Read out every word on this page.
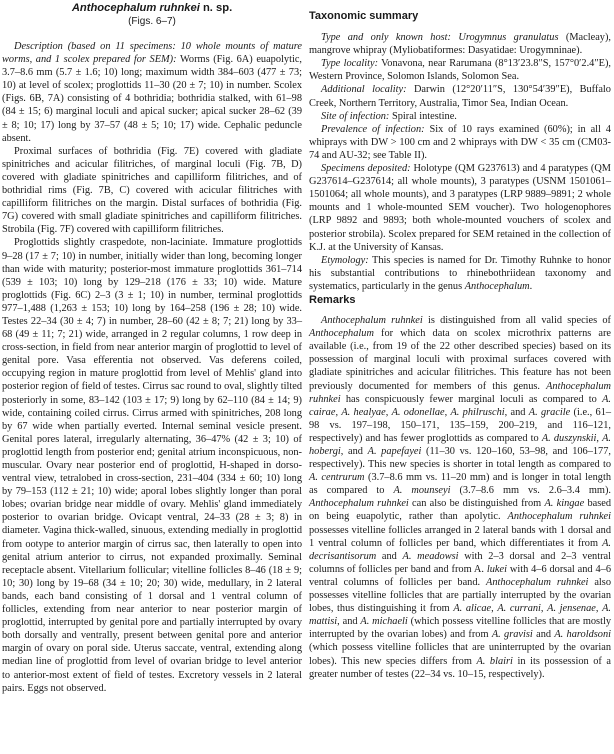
Anthocephalum ruhnkei n. sp.
(Figs. 6–7)

Description (based on 11 specimens: 10 whole mounts of mature worms, and 1 scolex prepared for SEM): Worms (Fig. 6A) euapolytic, 3.7–8.6 mm (5.7 ± 1.6; 10) long; maximum width 384–603 (477 ± 73; 10) at level of scolex; proglottids 11–30 (20 ± 7; 10) in number. Scolex (Figs. 6B, 7A) consisting of 4 bothridia; bothridia stalked, with 61–98 (84 ± 15; 6) marginal loculi and apical sucker; apical sucker 28–62 (39 ± 8; 10; 17) long by 37–57 (48 ± 5; 10; 17) wide. Cephalic peduncle absent.

Proximal surfaces of bothridia (Fig. 7E) covered with gladiate spinitriches and acicular filitriches, of marginal loculi (Fig. 7B, D) covered with gladiate spinitriches and capilliform filitriches, and of bothridial rims (Fig. 7B, C) covered with acicular filitriches with capilliform filitriches on the margin. Distal surfaces of bothridia (Fig. 7G) covered with small gladiate spinitriches and capilliform filitriches. Strobila (Fig. 7F) covered with capilliform filitriches.

Proglottids slightly craspedote, non-laciniate. Immature proglottids 9–28 (17 ± 7; 10) in number, initially wider than long, becoming longer than wide with maturity; posterior-most immature proglottids 361–714 (539 ± 103; 10) long by 129–218 (176 ± 33; 10) wide. Mature proglottids (Fig. 6C) 2–3 (3 ± 1; 10) in number, terminal proglottids 977–1,488 (1,263 ± 153; 10) long by 164–258 (196 ± 28; 10) wide. Testes 22–34 (30 ± 4; 7) in number, 28–60 (42 ± 8; 7; 21) long by 33–68 (49 ± 11; 7; 21) wide, arranged in 2 regular columns, 1 row deep in cross-section, in field from near anterior margin of proglottid to level of genital pore. Vasa efferentia not observed. Vas deferens coiled, occupying region in mature proglottid from level of Mehlis' gland into posterior region of field of testes. Cirrus sac round to oval, slightly tilted posteriorly in some, 83–142 (103 ± 17; 9) long by 62–110 (84 ± 14; 9) wide, containing coiled cirrus. Cirrus armed with spinitriches, 208 long by 67 wide when partially everted. Internal seminal vesicle present. Genital pores lateral, irregularly alternating, 36–47% (42 ± 3; 10) of proglottid length from posterior end; genital atrium inconspicuous, non-muscular. Ovary near posterior end of proglottid, H-shaped in dorso-ventral view, tetralobed in cross-section, 231–404 (334 ± 60; 10) long by 79–153 (112 ± 21; 10) wide; aporal lobes slightly longer than poral lobes; ovarian bridge near middle of ovary. Mehlis' gland immediately posterior to ovarian bridge. Ovicapt ventral, 24–33 (28 ± 3; 8) in diameter. Vagina thick-walled, sinuous, extending medially in proglottid from ootype to anterior margin of cirrus sac, then laterally to open into genital atrium anterior to cirrus, not expanded proximally. Seminal receptacle absent. Vitellarium follicular; vitelline follicles 8–46 (18 ± 9; 10; 30) long by 19–68 (34 ± 10; 20; 30) wide, medullary, in 2 lateral bands, each band consisting of 1 dorsal and 1 ventral column of follicles, extending from near anterior to near posterior margin of proglottid, interrupted by genital pore and partially interrupted by ovary both dorsally and ventrally, present between genital pore and anterior margin of ovary on poral side. Uterus saccate, ventral, extending along median line of proglottid from level of ovarian bridge to level anterior to anterior-most extent of field of testes. Excretory vessels in 2 lateral pairs. Eggs not observed.

Taxonomic summary

Type and only known host: Urogymnus granulatus (Macleay), mangrove whipray (Myliobatiformes: Dasyatidae: Urogymninae).

Type locality: Vonavona, near Rarumana (8°13′23.8″S, 157°0′2.4″E), Western Province, Solomon Islands, Solomon Sea.

Additional locality: Darwin (12°20′11″S, 130°54′39″E), Buffalo Creek, Northern Territory, Australia, Timor Sea, Indian Ocean.

Site of infection: Spiral intestine.

Prevalence of infection: Six of 10 rays examined (60%); in all 4 whiprays with DW > 100 cm and 2 whiprays with DW < 35 cm (CM03-74 and AU-32; see Table II).

Specimens deposited: Holotype (QM G237613) and 4 paratypes (QM G237614–G237614; all whole mounts), 3 paratypes (USNM 1501061–1501064; all whole mounts), and 3 paratypes (LRP 9889–9891; 2 whole mounts and 1 whole-mounted SEM voucher). Two hologenophores (LRP 9892 and 9893; both whole-mounted vouchers of scolex and posterior strobila). Scolex prepared for SEM retained in the collection of K.J. at the University of Kansas.

Etymology: This species is named for Dr. Timothy Ruhnke to honor his substantial contributions to rhinebothriidean taxonomy and systematics, particularly in the genus Anthocephalum.

Remarks

Anthocephalum ruhnkei is distinguished from all valid species of Anthocephalum for which data on scolex microthrix patterns are available (i.e., from 19 of the 22 other described species) based on its possession of marginal loculi with proximal surfaces covered with gladiate spinitriches and acicular filitriches. This feature has not been previously documented for members of this genus. Anthocephalum ruhnkei has conspicuously fewer marginal loculi as compared to A. cairae, A. healyae, A. odonellae, A. philruschi, and A. gracile (i.e., 61–98 vs. 197–198, 150–171, 135–159, 200–219, and 116–121, respectively) and has fewer proglottids as compared to A. duszynskii, A. hobergi, and A. papefayei (11–30 vs. 120–160, 53–98, and 106–177, respectively). This new species is shorter in total length as compared to A. centrurum (3.7–8.6 mm vs. 11–20 mm) and is longer in total length as compared to A. mounseyi (3.7–8.6 mm vs. 2.6–3.4 mm). Anthocephalum ruhnkei can also be distinguished from A. kingae based on being euapolytic, rather than apolytic. Anthocephalum ruhnkei possesses vitelline follicles arranged in 2 lateral bands with 1 dorsal and 1 ventral column of follicles per band, which differentiates it from A. decrisantisorum and A. meadowsi with 2–3 dorsal and 2–3 ventral columns of follicles per band and from A. lukei with 4–6 dorsal and 4–6 ventral columns of follicles per band. Anthocephalum ruhnkei also possesses vitelline follicles that are partially interrupted by the ovarian lobes, thus distinguishing it from A. alicae, A. currani, A. jensenae, A. mattisi, and A. michaeli (which possess vitelline follicles that are mostly interrupted by the ovarian lobes) and from A. gravisi and A. haroldsoni (which possess vitelline follicles that are uninterrupted by the ovarian lobes). This new species differs from A. blairi in its possession of a greater number of testes (22–34 vs. 10–15, respectively).
